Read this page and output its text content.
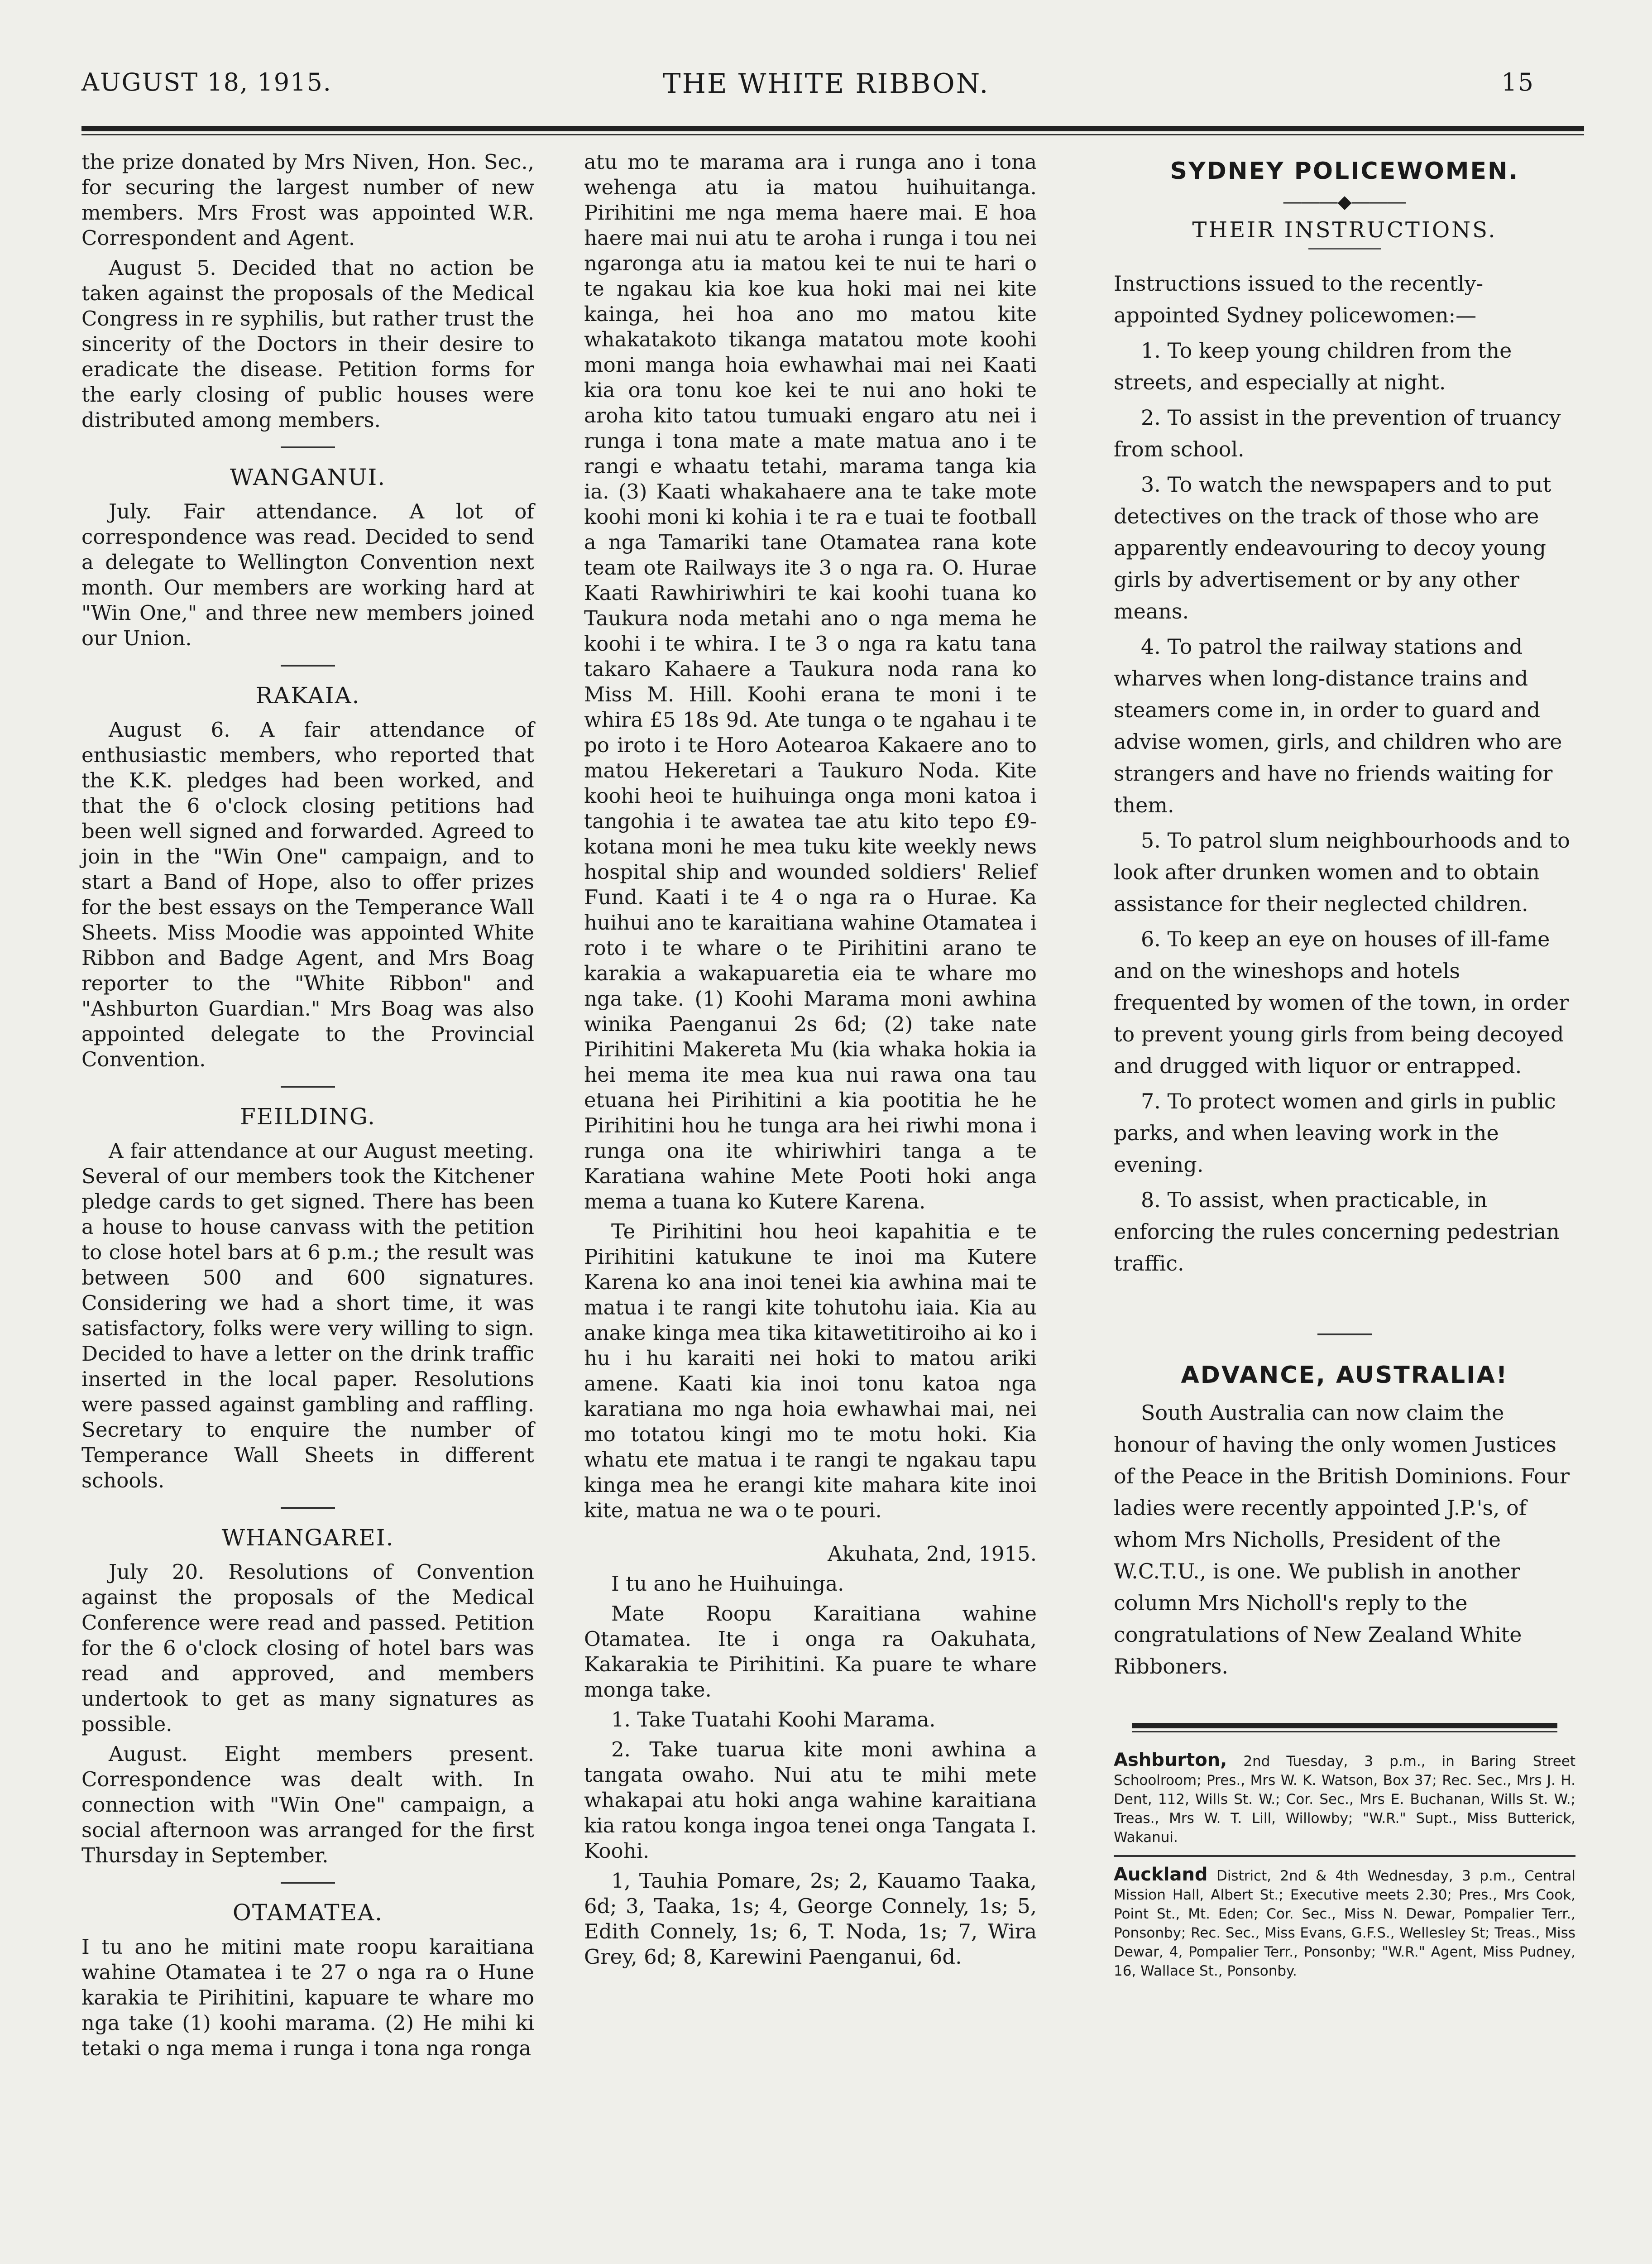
AUGUST 18, 1915.	THE WHITE RIBBON.	15

the prize donated by Mrs Niven, Hon. Sec., for securing the largest number of new members. Mrs Frost was appointed W.R. Correspondent and Agent.

August 5. Decided that no action be taken against the proposals of the Medical Congress in re syphilis, but rather trust the sincerity of the Doctors in their desire to eradicate the disease. Petition forms for the early closing of public houses were distributed among members.

WANGANUI.

July. Fair attendance. A lot of correspondence was read. Decided to send a delegate to Wellington Convention next month. Our members are working hard at "Win One," and three new members joined our Union.

RAKAIA.

August 6. A fair attendance of enthusiastic members, who reported that the K.K. pledges had been worked, and that the 6 o'clock closing petitions had been well signed and forwarded. Agreed to join in the "Win One" campaign, and to start a Band of Hope, also to offer prizes for the best essays on the Temperance Wall Sheets. Miss Moodie was appointed White Ribbon and Badge Agent, and Mrs Boag reporter to the "White Ribbon" and "Ashburton Guardian." Mrs Boag was also appointed delegate to the Provincial Convention.

FEILDING.

A fair attendance at our August meeting. Several of our members took the Kitchener pledge cards to get signed. There has been a house to house canvass with the petition to close hotel bars at 6 p.m.; the result was between 500 and 600 signatures. Considering we had a short time, it was satisfactory, folks were very willing to sign. Decided to have a letter on the drink traffic inserted in the local paper. Resolutions were passed against gambling and raffling. Secretary to enquire the number of Temperance Wall Sheets in different schools.

WHANGAREI.

July 20. Resolutions of Convention against the proposals of the Medical Conference were read and passed. Petition for the 6 o'clock closing of hotel bars was read and approved, and members undertook to get as many signatures as possible.

August. Eight members present. Correspondence was dealt with. In connection with "Win One" campaign, a social afternoon was arranged for the first Thursday in September.

OTAMATEA.

I tu ano he mitini mate roopu karaitiana wahine Otamatea i te 27 o nga ra o Hune karakia te Pirihitini, kapuare te whare mo nga take (1) koohi marama. (2) He mihi ki tetaki o nga mema i runga i tona nga ronga

atu mo te marama ara i runga ano i tona wehenga atu ia matou huihuitanga. Pirihitini me nga mema haere mai. E hoa haere mai nui atu te aroha i runga i tou nei ngaronga atu ia matou kei te nui te hari o te ngakau kia koe kua hoki mai nei kite kainga, hei hoa ano mo matou kite whakatakoto tikanga matatou mote koohi moni manga hoia ewhawhai mai nei Kaati kia ora tonu koe kei te nui ano hoki te aroha kito tatou tumuaki engaro atu nei i runga i tona mate a mate matua ano i te rangi e whaatu tetahi, marama tanga kia ia. (3) Kaati whakahaere ana te take mote koohi moni ki kohia i te ra e tuai te football a nga Tamariki tane Otamatea rana kote team ote Railways ite 3 o nga ra. O. Hurae Kaati Rawhiriwhiri te kai koohi tuana ko Taukura noda metahi ano o nga mema he koohi i te whira. I te 3 o nga ra katu tana takaro Kahaere a Taukura noda rana ko Miss M. Hill. Koohi erana te moni i te whira £5 18s 9d. Ate tunga o te ngahau i te po iroto i te Horo Aotearoa Kakaere ano to matou Hekeretari a Taukuro Noda. Kite koohi heoi te huihuinga onga moni katoa i tangohia i te awatea tae atu kito tepo £9-kotana moni he mea tuku kite weekly news hospital ship and wounded soldiers' Relief Fund. Kaati i te 4 o nga ra o Hurae. Ka huihui ano te karaitiana wahine Otamatea i roto i te whare o te Pirihitini arano te karakia a wakapuaretia eia te whare mo nga take. (1) Koohi Marama moni awhina winika Paenganui 2s 6d; (2) take nate Pirihitini Makereta Mu (kia whaka hokia ia hei mema ite mea kua nui rawa ona tau etuana hei Pirihitini a kia pootitia he he Pirihitini hou he tunga ara hei riwhi mona i runga ona ite whiriwhiri tanga a te Karatiana wahine Mete Pooti hoki anga mema a tuana ko Kutere Karena.

Te Pirihitini hou heoi kapahitia e te Pirihitini katukune te inoi ma Kutere Karena ko ana inoi tenei kia awhina mai te matua i te rangi kite tohutohu iaia. Kia au anake kinga mea tika kitawetitiroiho ai ko i hu i hu karaiti nei hoki to matou ariki amene. Kaati kia inoi tonu katoa nga karatiana mo nga hoia ewhawhai mai, nei mo totatou kingi mo te motu hoki. Kia whatu ete matua i te rangi te ngakau tapu kinga mea he erangi kite mahara kite inoi kite, matua ne wa o te pouri.

Akuhata, 2nd, 1915.

I tu ano he Huihuinga.

Mate Roopu Karaitiana wahine Otamatea. Ite i onga ra Oakuhata, Kakarakia te Pirihitini. Ka puare te whare monga take.

1. Take Tuatahi Koohi Marama.

2. Take tuarua kite moni awhina a tangata owaho. Nui atu te mihi mete whakapai atu hoki anga wahine karaitiana kia ratou konga ingoa tenei onga Tangata I. Koohi.

1, Tauhia Pomare, 2s; 2, Kauamo Taaka, 6d; 3, Taaka, 1s; 4, George Connely, 1s; 5, Edith Connely, 1s; 6, T. Noda, 1s; 7, Wira Grey, 6d; 8, Karewini Paenganui, 6d.

SYDNEY POLICEWOMEN.
―――◆―――
THEIR INSTRUCTIONS.

Instructions issued to the recently-appointed Sydney policewomen:—

1. To keep young children from the streets, and especially at night.

2. To assist in the prevention of truancy from school.

3. To watch the newspapers and to put detectives on the track of those who are apparently endeavouring to decoy young girls by advertisement or by any other means.

4. To patrol the railway stations and wharves when long-distance trains and steamers come in, in order to guard and advise women, girls, and children who are strangers and have no friends waiting for them.

5. To patrol slum neighbourhoods and to look after drunken women and to obtain assistance for their neglected children.

6. To keep an eye on houses of ill-fame and on the wineshops and hotels frequented by women of the town, in order to prevent young girls from being decoyed and drugged with liquor or entrapped.

7. To protect women and girls in public parks, and when leaving work in the evening.

8. To assist, when practicable, in enforcing the rules concerning pedestrian traffic.

ADVANCE, AUSTRALIA!

South Australia can now claim the honour of having the only women Justices of the Peace in the British Dominions. Four ladies were recently appointed J.P.'s, of whom Mrs Nicholls, President of the W.C.T.U., is one. We publish in another column Mrs Nicholl's reply to the congratulations of New Zealand White Ribboners.

Ashburton, 2nd Tuesday, 3 p.m., in Baring Street Schoolroom; Pres., Mrs W. K. Watson, Box 37; Rec. Sec., Mrs J. H. Dent, 112, Wills St. W.; Cor. Sec., Mrs E. Buchanan, Wills St. W.; Treas., Mrs W. T. Lill, Willowby; "W.R." Supt., Miss Butterick, Wakanui.
Auckland District, 2nd & 4th Wednesday, 3 p.m., Central Mission Hall, Albert St.; Executive meets 2.30; Pres., Mrs Cook, Point St., Mt. Eden; Cor. Sec., Miss N. Dewar, Pompalier Terr., Ponsonby; Rec. Sec., Miss Evans, G.F.S., Wellesley St; Treas., Miss Dewar, 4, Pompalier Terr., Ponsonby; "W.R." Agent, Miss Pudney, 16, Wallace St., Ponsonby.
